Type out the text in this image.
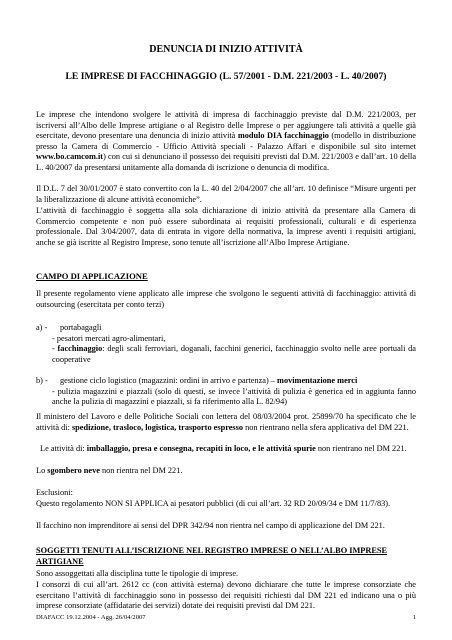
DENUNCIA DI INIZIO ATTIVITÀ
LE IMPRESE DI FACCHINAGGIO (L. 57/2001 - D.M. 221/2003 - L. 40/2007)

Le imprese che intendono svolgere le attività di impresa di facchinaggio previste dal D.M. 221/2003, per iscriversi all’Albo delle Imprese artigiane o al Registro delle Imprese o per aggiungere tali attività a quelle già esercitate, devono presentare una denuncia di inizio attività modulo DIA facchinaggio (modello in distribuzione presso la Camera di Commercio - Ufficio Attività speciali - Palazzo Affari e disponibile sul sito internet www.bo.camcom.it) con cui si denunciano il possesso dei requisiti previsti dal D.M. 221/2003 e dall’art. 10 della L. 40/2007 da presentarsi unitamente alla domanda di iscrizione o denuncia di modifica.

Il D.L. 7 del 30/01/2007 è stato convertito con la L. 40 del 2/04/2007 che all’art. 10 definisce “Misure urgenti per la liberalizzazione di alcune attività economiche”.

L’attività di facchinaggio è soggetta alla sola dichiarazione di inizio attività da presentare alla Camera di Commercio competente e non può essere subordinata ai requisiti professionali, culturali e di esperienza professionale. Dal 3/04/2007, data di entrata in vigore della normativa, la imprese aventi i requisiti artigiani, anche se già iscritte al Registro Imprese, sono tenute all’iscrizione all’Albo Imprese Artigiane.

CAMPO DI APPLICAZIONE

Il presente regolamento viene applicato alle imprese che svolgono le seguenti attività di facchinaggio: attività di outsourcing (esercitata per conto terzi)

a) - portabagagli
- pesatori mercati agro-alimentari,
- facchinaggio: degli scali ferroviari, doganali, facchini generici, facchinaggio svolto nelle aree portuali da cooperative
b) -	gestione ciclo logistico (magazzini: ordini in arrivo e partenza) – movimentazione merci
- pulizia magazzini e piazzali (solo di questi, se invece l’attività di pulizia è generica ed in aggiunta fanno anche la pulizia di magazzini e piazzali, si fa riferimento alla L. 82/94)

Il ministero del Lavoro e delle Politiche Sociali con lettera del 08/03/2004 prot. 25899/70 ha specificato che le attività di: spedizione, trasloco, logistica, trasporto espresso non rientrano nella sfera applicativa del DM 221.

Le attività di: imballaggio, presa e consegna, recapiti in loco, e le attività spurie non rientrano nel DM 221.

Lo sgombero neve non rientra nel DM 221.

Esclusioni:

Questo regolamento NON SI APPLICA ai pesatori pubblici (di cui all’art. 32 RD 20/09/34 e DM 11/7/83).

Il facchino non imprenditore ai sensi del DPR 342/94 non rientra nel campo di applicazione del DM 221.

SOGGETTI TENUTI ALL’ISCRIZIONE NEL REGISTRO IMPRESE O NELL’ALBO IMPRESE ARTIGIANE

Sono assoggettati alla disciplina tutte le tipologie di imprese.

I consorzi di cui all’art. 2612 cc (con attività esterna) devono dichiarare che tutte le imprese consorziate che esercitano l’attività di facchinaggio sono in possesso dei requisiti richiesti dal DM 221 ed indicano una o più imprese consorziate (affidatarie dei servizi) dotate dei requisiti previsti dal DM 221.

DIAFACC 19.12.2004 - Agg. 26/04/2007	1
